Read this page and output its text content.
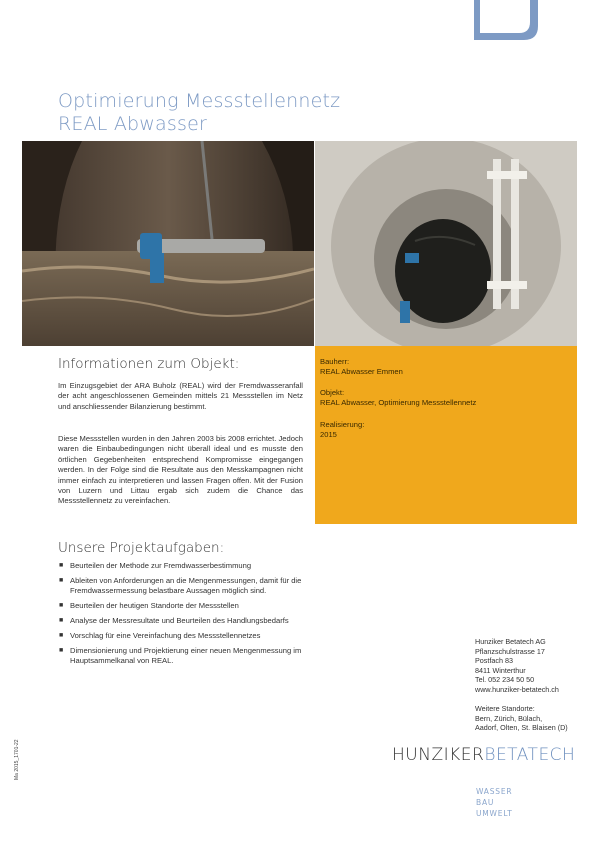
Optimierung Messstellennetz
REAL Abwasser
Informationen zum Objekt:
Im Einzugsgebiet der ARA Buholz (REAL) wird der Fremdwasseranfall der acht angeschlossenen Gemeinden mittels 21 Messstellen im Netz und anschliessender Bilanzierung bestimmt.
Diese Messstellen wurden in den Jahren 2003 bis 2008 errichtet. Jedoch waren die Einbaubedingungen nicht überall ideal und es musste den örtlichen Gegebenheiten entsprechend Kompromisse eingegangen werden. In der Folge sind die Resultate aus den Messkampagnen nicht immer einfach zu interpretieren und lassen Fragen offen. Mit der Fusion von Luzern und Littau ergab sich zudem die Chance das Messstellennetz zu vereinfachen.
Bauherr:
REAL Abwasser Emmen
Objekt:
REAL Abwasser, Optimierung Messstellennetz
Realisierung:
2015
Unsere Projektaufgaben:
■ Beurteilen der Methode zur Fremdwasserbestimmung
■ Ableiten von Anforderungen an die Mengenmessungen, damit für die Fremdwassermessung belastbare Aussagen möglich sind.
■ Beurteilen der heutigen Standorte der Messstellen
■ Analyse der Messresultate und Beurteilen des Handlungsbedarfs
■ Vorschlag für eine Vereinfachung des Messstellennetzes
■ Dimensionierung und Projektierung einer neuen Mengenmessung im Hauptsammelkanal von REAL.
Hunziker Betatech AG
Pflanzschulstrasse 17
Postfach 83
8411 Winterthur
Tel. 052 234 50 50
www.hunziker-betatech.ch
Weitere Standorte:
Bern, Zürich, Bülach,
Aadorf, Olten, St. Blaisen (D)
HUNZIKERBETATECH
WASSER
BAU
UMWELT
Ma 2015_1701-22
